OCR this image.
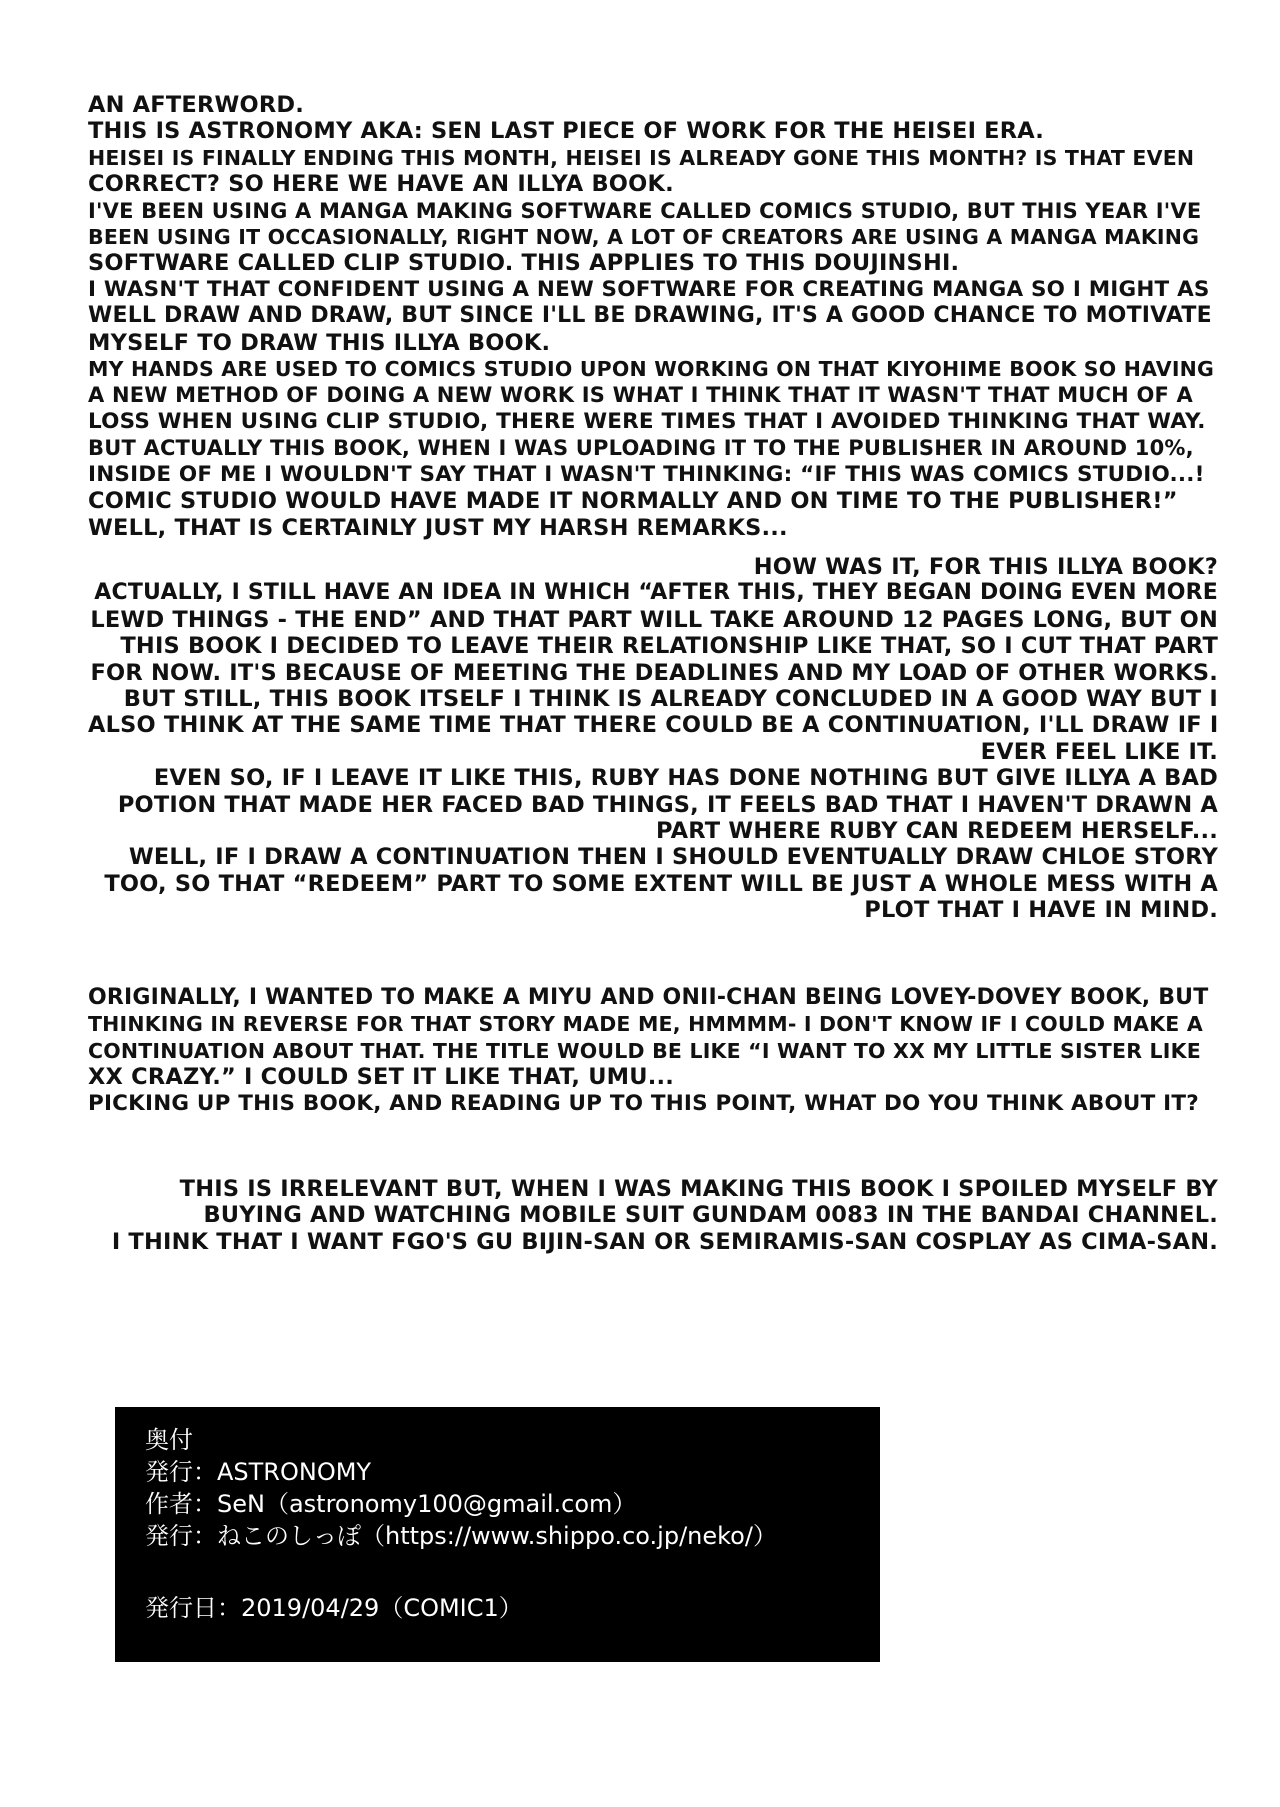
AN AFTERWORD.
THIS IS ASTRONOMY AKA: SEN LAST PIECE OF WORK FOR THE HEISEI ERA.
HEISEI IS FINALLY ENDING THIS MONTH, HEISEI IS ALREADY GONE THIS MONTH? IS THAT EVEN
CORRECT? SO HERE WE HAVE AN ILLYA BOOK.
I'VE BEEN USING A MANGA MAKING SOFTWARE CALLED COMICS STUDIO, BUT THIS YEAR I'VE
BEEN USING IT OCCASIONALLY, RIGHT NOW, A LOT OF CREATORS ARE USING A MANGA MAKING
SOFTWARE CALLED CLIP STUDIO. THIS APPLIES TO THIS DOUJINSHI.
I WASN'T THAT CONFIDENT USING A NEW SOFTWARE FOR CREATING MANGA SO I MIGHT AS
WELL DRAW AND DRAW, BUT SINCE I'LL BE DRAWING, IT'S A GOOD CHANCE TO MOTIVATE
MYSELF TO DRAW THIS ILLYA BOOK.
MY HANDS ARE USED TO COMICS STUDIO UPON WORKING ON THAT KIYOHIME BOOK SO HAVING
A NEW METHOD OF DOING A NEW WORK IS WHAT I THINK THAT IT WASN'T THAT MUCH OF A
LOSS WHEN USING CLIP STUDIO, THERE WERE TIMES THAT I AVOIDED THINKING THAT WAY.
BUT ACTUALLY THIS BOOK, WHEN I WAS UPLOADING IT TO THE PUBLISHER IN AROUND 10%,
INSIDE OF ME I WOULDN'T SAY THAT I WASN'T THINKING: “IF THIS WAS COMICS STUDIO...!
COMIC STUDIO WOULD HAVE MADE IT NORMALLY AND ON TIME TO THE PUBLISHER!”
WELL, THAT IS CERTAINLY JUST MY HARSH REMARKS...
HOW WAS IT, FOR THIS ILLYA BOOK?
ACTUALLY, I STILL HAVE AN IDEA IN WHICH “AFTER THIS, THEY BEGAN DOING EVEN MORE
LEWD THINGS - THE END” AND THAT PART WILL TAKE AROUND 12 PAGES LONG, BUT ON
THIS BOOK I DECIDED TO LEAVE THEIR RELATIONSHIP LIKE THAT, SO I CUT THAT PART
FOR NOW. IT'S BECAUSE OF MEETING THE DEADLINES AND MY LOAD OF OTHER WORKS.
BUT STILL, THIS BOOK ITSELF I THINK IS ALREADY CONCLUDED IN A GOOD WAY BUT I
ALSO THINK AT THE SAME TIME THAT THERE COULD BE A CONTINUATION, I'LL DRAW IF I
EVER FEEL LIKE IT.
EVEN SO, IF I LEAVE IT LIKE THIS, RUBY HAS DONE NOTHING BUT GIVE ILLYA A BAD
POTION THAT MADE HER FACED BAD THINGS, IT FEELS BAD THAT I HAVEN'T DRAWN A
PART WHERE RUBY CAN REDEEM HERSELF...
WELL, IF I DRAW A CONTINUATION THEN I SHOULD EVENTUALLY DRAW CHLOE STORY
TOO, SO THAT “REDEEM” PART TO SOME EXTENT WILL BE JUST A WHOLE MESS WITH A
PLOT THAT I HAVE IN MIND.
ORIGINALLY, I WANTED TO MAKE A MIYU AND ONII-CHAN BEING LOVEY-DOVEY BOOK, BUT
THINKING IN REVERSE FOR THAT STORY MADE ME, HMMMM- I DON'T KNOW IF I COULD MAKE A
CONTINUATION ABOUT THAT. THE TITLE WOULD BE LIKE “I WANT TO XX MY LITTLE SISTER LIKE
XX CRAZY.” I COULD SET IT LIKE THAT, UMU...
PICKING UP THIS BOOK, AND READING UP TO THIS POINT, WHAT DO YOU THINK ABOUT IT?
THIS IS IRRELEVANT BUT, WHEN I WAS MAKING THIS BOOK I SPOILED MYSELF BY
BUYING AND WATCHING MOBILE SUIT GUNDAM 0083 IN THE BANDAI CHANNEL.
I THINK THAT I WANT FGO'S GU BIJIN-SAN OR SEMIRAMIS-SAN COSPLAY AS CIMA-SAN.
奥付
発行：ASTRONOMY
作者：SeN（astronomy100@gmail.com）
発行：ねこのしっぽ（https://www.shippo.co.jp/neko/）
発行日：2019/04/29（COMIC1）
